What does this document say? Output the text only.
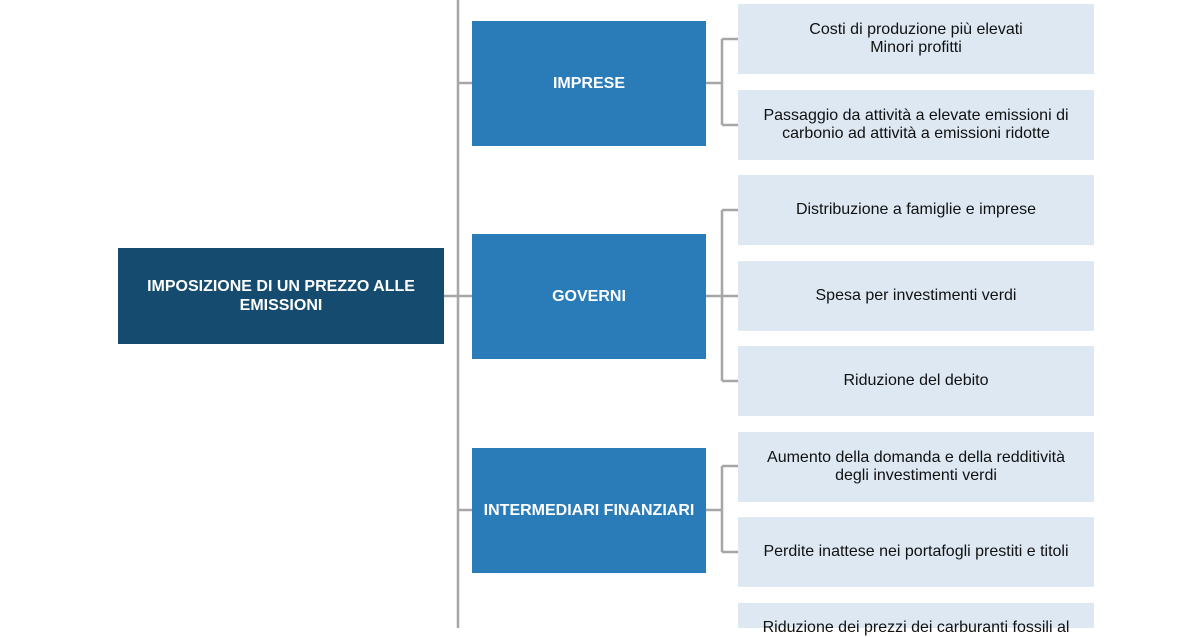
IMPOSIZIONE DI UN PREZZO ALLE
EMISSIONI
IMPRESE
GOVERNI
INTERMEDIARI FINANZIARI
Costi di produzione più elevati
Minori profitti
Passaggio da attività a elevate emissioni di
carbonio ad attività a emissioni ridotte
Distribuzione a famiglie e imprese
Spesa per investimenti verdi
Riduzione del debito
Aumento della domanda e della redditività
degli investimenti verdi
Perdite inattese nei portafogli prestiti e titoli
Riduzione dei prezzi dei carburanti fossili al
